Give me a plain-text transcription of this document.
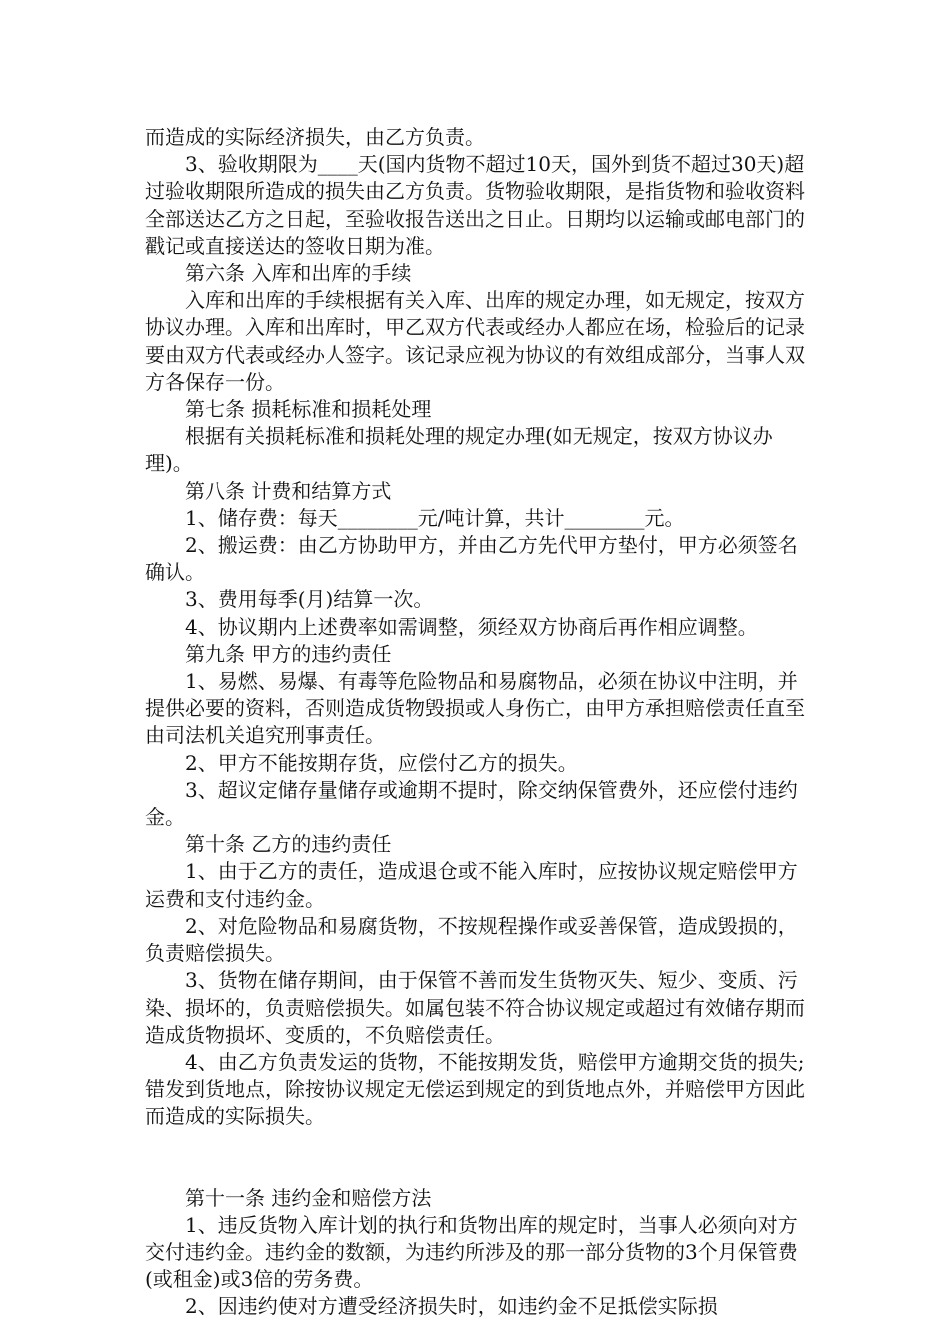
而造成的实际经济损失，由乙方负责。

3、验收期限为____天(国内货物不超过10天，国外到货不超过30天)超过验收期限所造成的损失由乙方负责。货物验收期限，是指货物和验收资料全部送达乙方之日起，至验收报告送出之日止。日期均以运输或邮电部门的戳记或直接送达的签收日期为准。

第六条 入库和出库的手续

入库和出库的手续根据有关入库、出库的规定办理，如无规定，按双方协议办理。入库和出库时，甲乙双方代表或经办人都应在场，检验后的记录要由双方代表或经办人签字。该记录应视为协议的有效组成部分，当事人双方各保存一份。

第七条 损耗标准和损耗处理

根据有关损耗标准和损耗处理的规定办理(如无规定，按双方协议办理)。

第八条 计费和结算方式

1、储存费：每天________元/吨计算，共计________元。

2、搬运费：由乙方协助甲方，并由乙方先代甲方垫付，甲方必须签名确认。

3、费用每季(月)结算一次。

4、协议期内上述费率如需调整，须经双方协商后再作相应调整。

第九条 甲方的违约责任

1、易燃、易爆、有毒等危险物品和易腐物品，必须在协议中注明，并提供必要的资料，否则造成货物毁损或人身伤亡，由甲方承担赔偿责任直至由司法机关追究刑事责任。

2、甲方不能按期存货，应偿付乙方的损失。

3、超议定储存量储存或逾期不提时，除交纳保管费外，还应偿付违约金。

第十条 乙方的违约责任

1、由于乙方的责任，造成退仓或不能入库时，应按协议规定赔偿甲方运费和支付违约金。

2、对危险物品和易腐货物，不按规程操作或妥善保管，造成毁损的，负责赔偿损失。

3、货物在储存期间，由于保管不善而发生货物灭失、短少、变质、污染、损坏的，负责赔偿损失。如属包装不符合协议规定或超过有效储存期而造成货物损坏、变质的，不负赔偿责任。

4、由乙方负责发运的货物，不能按期发货，赔偿甲方逾期交货的损失;错发到货地点，除按协议规定无偿运到规定的到货地点外，并赔偿甲方因此而造成的实际损失。

第十一条 违约金和赔偿方法

1、违反货物入库计划的执行和货物出库的规定时，当事人必须向对方交付违约金。违约金的数额，为违约所涉及的那一部分货物的3个月保管费(或租金)或3倍的劳务费。

2、因违约使对方遭受经济损失时，如违约金不足抵偿实际损
